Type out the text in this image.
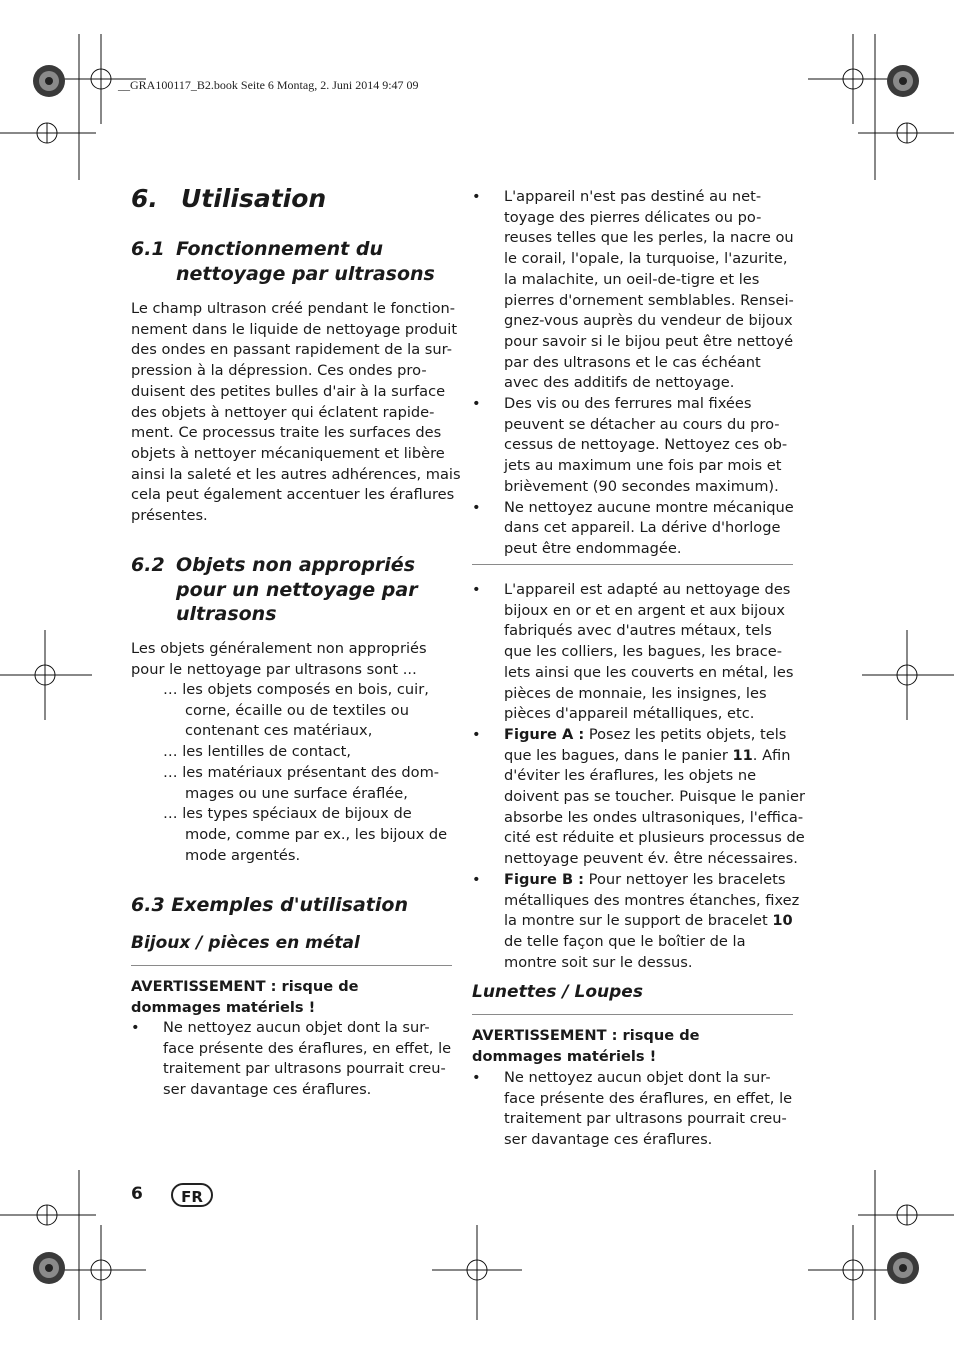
__GRA100117_B2.book Seite 6 Montag, 2. Juni 2014 9:47 09
6. Utilisation
6.1 Fonctionnement du
nettoyage par ultrasons
Le champ ultrason créé pendant le fonction-
nement dans le liquide de nettoyage produit
des ondes en passant rapidement de la sur-
pression à la dépression. Ces ondes pro-
duisent des petites bulles d'air à la surface
des objets à nettoyer qui éclatent rapide-
ment. Ce processus traite les surfaces des
objets à nettoyer mécaniquement et libère
ainsi la saleté et les autres adhérences, mais
cela peut également accentuer les éraflures
présentes.
6.2 Objets non appropriés
pour un nettoyage par
ultrasons
Les objets généralement non appropriés
pour le nettoyage par ultrasons sont ...
… les objets composés en bois, cuir,
corne, écaille ou de textiles ou
contenant ces matériaux,
… les lentilles de contact,
… les matériaux présentant des dom-
mages ou une surface éraflée,
… les types spéciaux de bijoux de
mode, comme par ex., les bijoux de
mode argentés.
6.3 Exemples d'utilisation
Bijoux / pièces en métal
AVERTISSEMENT : risque de
dommages matériels !
• Ne nettoyez aucun objet dont la sur-
face présente des éraflures, en effet, le
traitement par ultrasons pourrait creu-
ser davantage ces éraflures.
• L'appareil n'est pas destiné au net-
toyage des pierres délicates ou po-
reuses telles que les perles, la nacre ou
le corail, l'opale, la turquoise, l'azurite,
la malachite, un oeil-de-tigre et les
pierres d'ornement semblables. Rensei-
gnez-vous auprès du vendeur de bijoux
pour savoir si le bijou peut être nettoyé
par des ultrasons et le cas échéant
avec des additifs de nettoyage.
• Des vis ou des ferrures mal fixées
peuvent se détacher au cours du pro-
cessus de nettoyage. Nettoyez ces ob-
jets au maximum une fois par mois et
brièvement (90 secondes maximum).
• Ne nettoyez aucune montre mécanique
dans cet appareil. La dérive d'horloge
peut être endommagée.
• L'appareil est adapté au nettoyage des
bijoux en or et en argent et aux bijoux
fabriqués avec d'autres métaux, tels
que les colliers, les bagues, les brace-
lets ainsi que les couverts en métal, les
pièces de monnaie, les insignes, les
pièces d'appareil métalliques, etc.
• Figure A : Posez les petits objets, tels
que les bagues, dans le panier 11. Afin
d'éviter les éraflures, les objets ne
doivent pas se toucher. Puisque le panier
absorbe les ondes ultrasoniques, l'effica-
cité est réduite et plusieurs processus de
nettoyage peuvent év. être nécessaires.
• Figure B : Pour nettoyer les bracelets
métalliques des montres étanches, fixez
la montre sur le support de bracelet 10
de telle façon que le boîtier de la
montre soit sur le dessus.
Lunettes / Loupes
AVERTISSEMENT : risque de
dommages matériels !
• Ne nettoyez aucun objet dont la sur-
face présente des éraflures, en effet, le
traitement par ultrasons pourrait creu-
ser davantage ces éraflures.
6	FR
